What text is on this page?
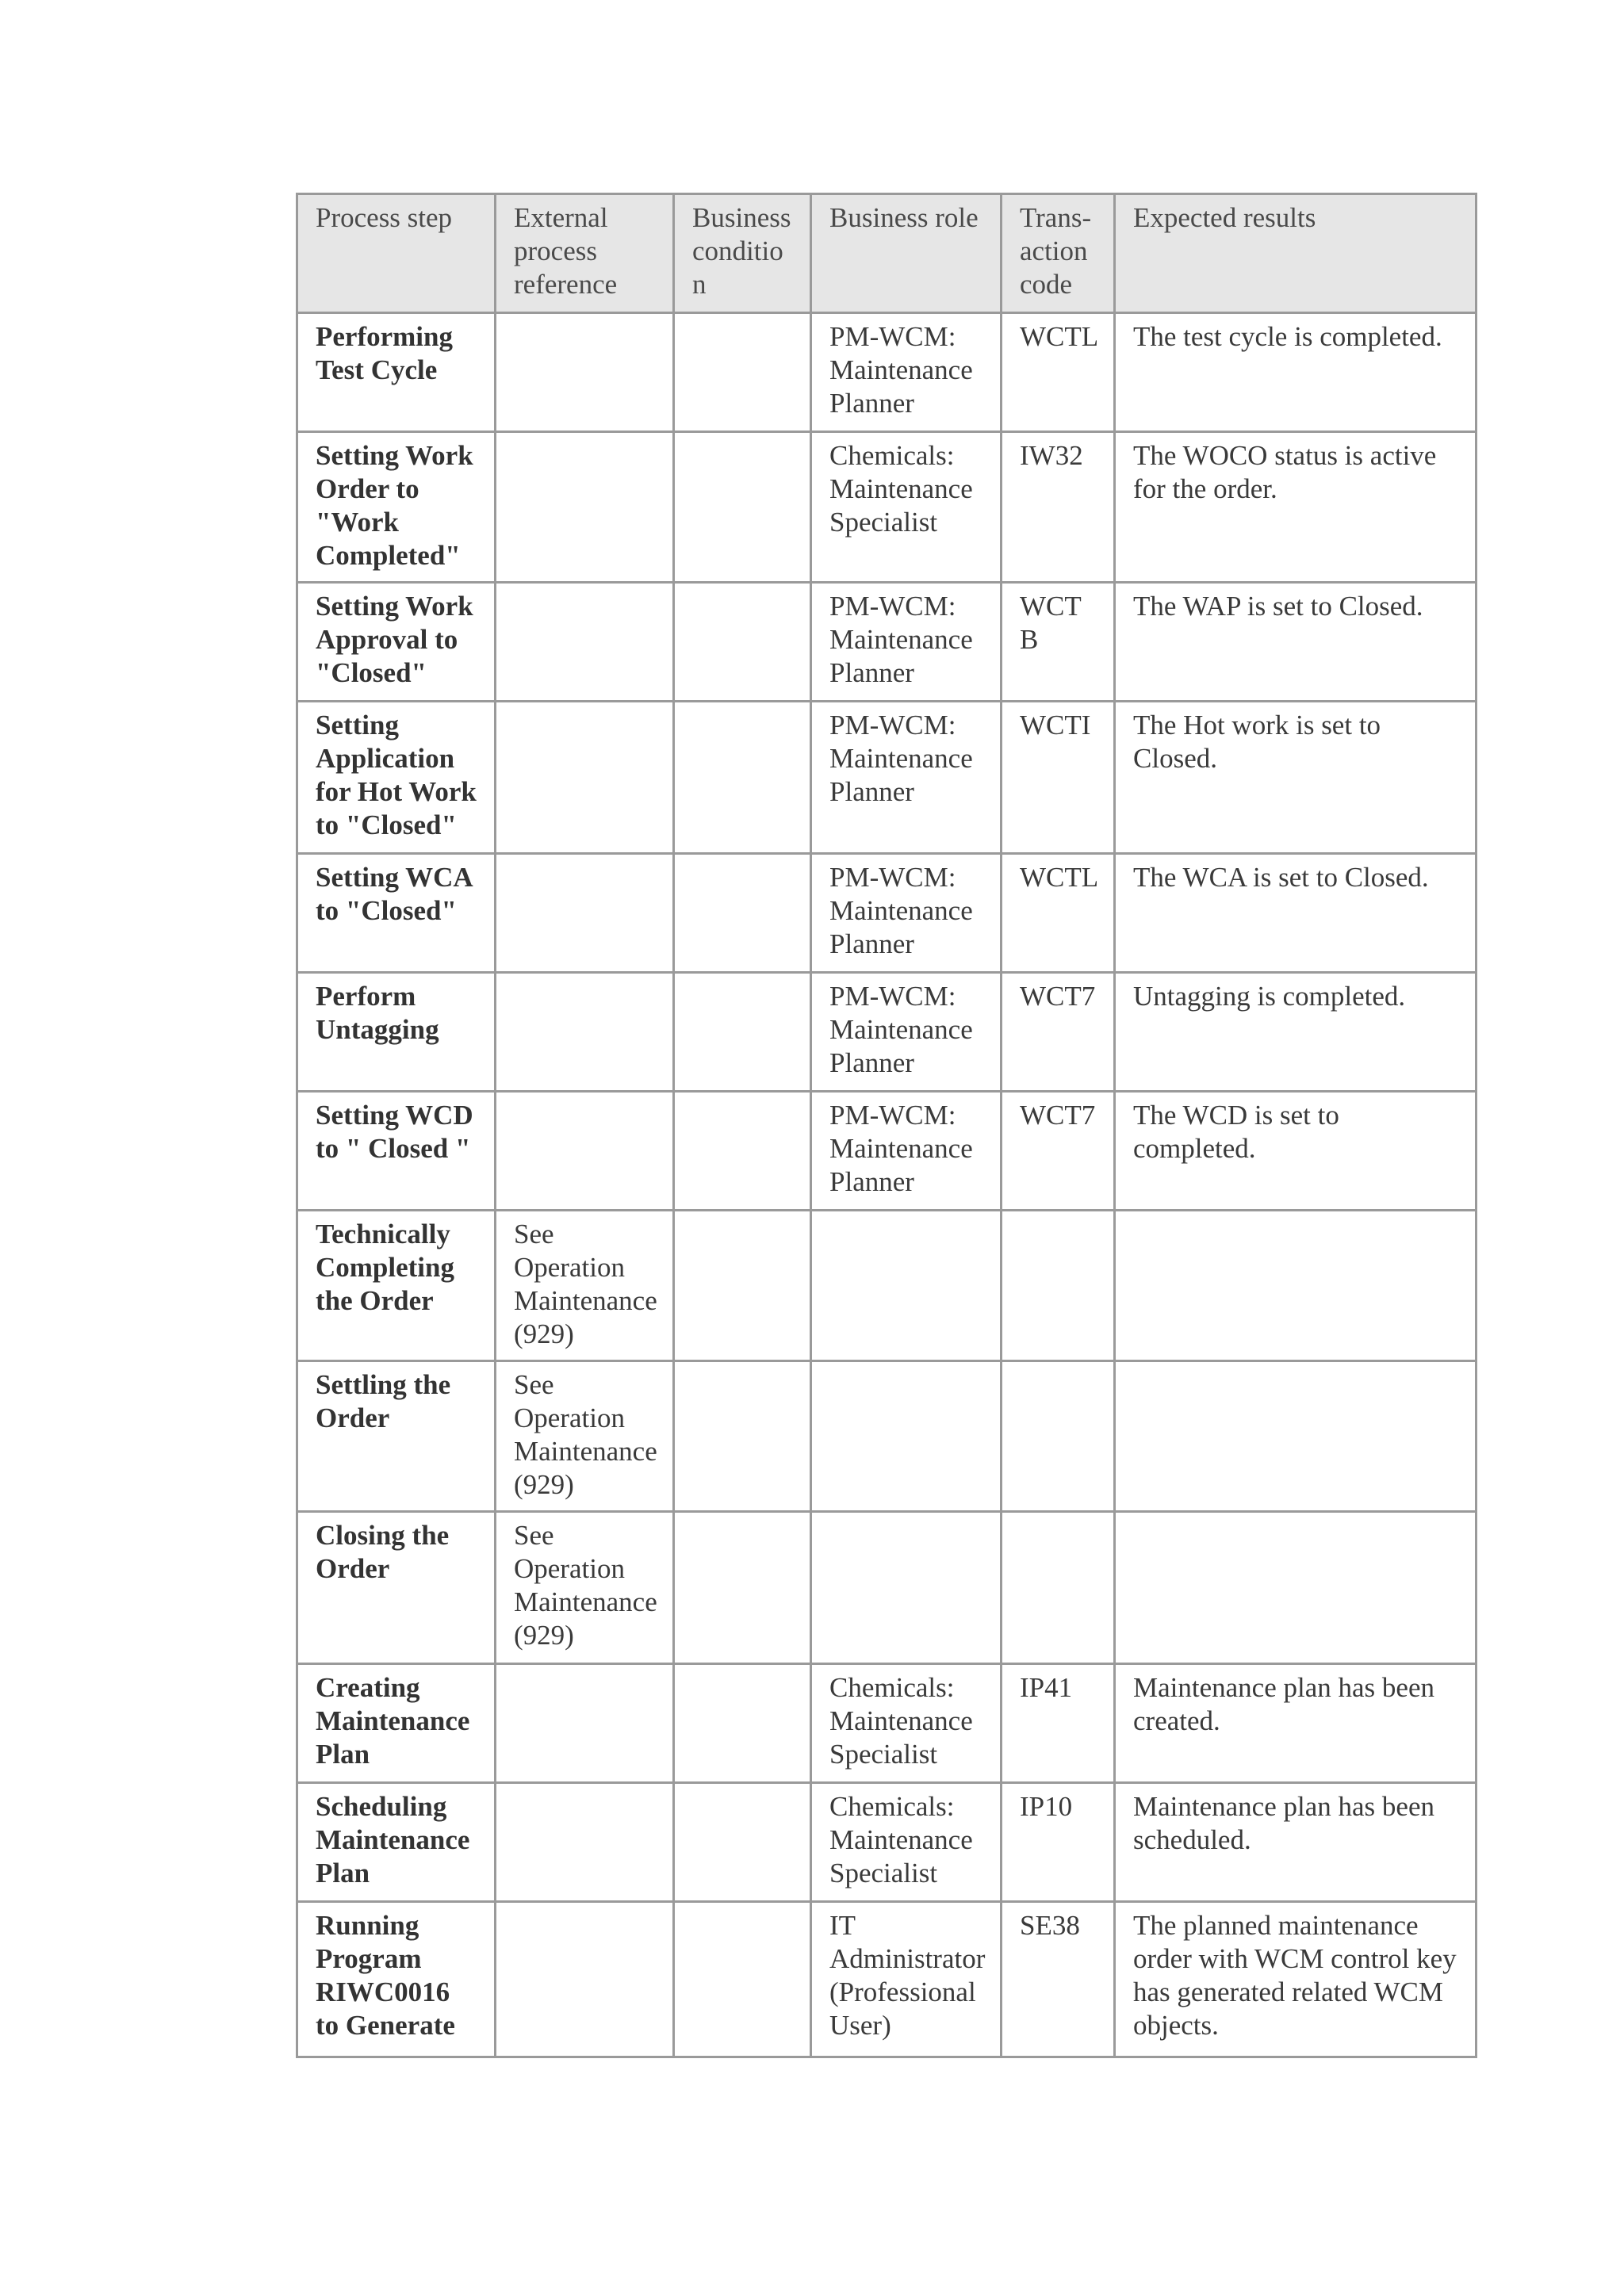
Process step	External process reference	Business condition	Business role	Trans-action code	Expected results
Performing Test Cycle			PM-WCM: Maintenance Planner	WCTL	The test cycle is completed.
Setting Work Order to "Work Completed"			Chemicals: Maintenance Specialist	IW32	The WOCO status is active for the order.
Setting Work Approval to "Closed"			PM-WCM: Maintenance Planner	WCTB	The WAP is set to Closed.
Setting Application for Hot Work to "Closed"			PM-WCM: Maintenance Planner	WCTI	The Hot work is set to Closed.
Setting WCA to "Closed"			PM-WCM: Maintenance Planner	WCTL	The WCA is set to Closed.
Perform Untagging			PM-WCM: Maintenance Planner	WCT7	Untagging is completed.
Setting WCD to " Closed "			PM-WCM: Maintenance Planner	WCT7	The WCD is set to completed.
Technically Completing the Order	See Operation Maintenance (929)				
Settling the Order	See Operation Maintenance (929)				
Closing the Order	See Operation Maintenance (929)				
Creating Maintenance Plan			Chemicals: Maintenance Specialist	IP41	Maintenance plan has been created.
Scheduling Maintenance Plan			Chemicals: Maintenance Specialist	IP10	Maintenance plan has been scheduled.
Running Program RIWC0016 to Generate			IT Administrator (Professional User)	SE38	The planned maintenance order with WCM control key has generated related WCM objects.
